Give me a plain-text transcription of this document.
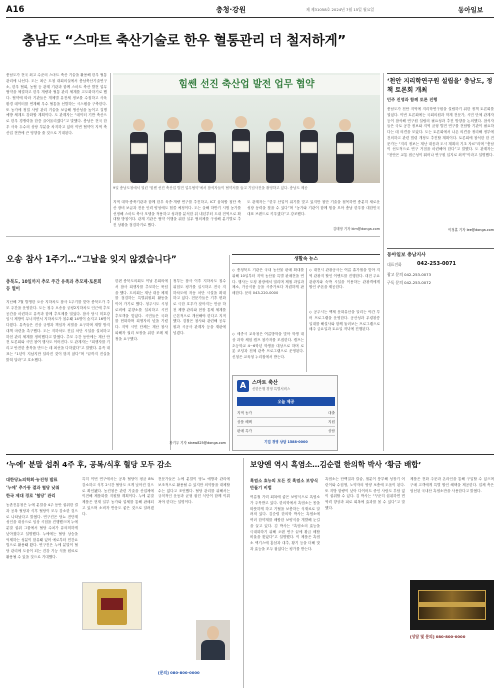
A16	충청·강원	제 제31058호 2024년 7월 15일 월요일	동아일보
충남도 “스마트 축산기술로 한우 혈통관리 더 철저하게”
충남도가 전국 최고 수준의 스마트 축산 기술을 활용해 한우 혈통 관리에 나선다. 도는 최근 도청 대회의실에서 충남축산기술연구소, 한우 협회, 농협 등 관계 기관과 함께 스마트 축산 발전 업무협약을 체결하고 한우 개량과 혈통 관리 체계를 고도화하기로 했다. 협약에 따라 기관들은 개체별 유전체 정보를 수집하고 사육 환경 데이터를 연계해 우수 혈통을 선발하는 시스템을 구축한다. 또 농가에 정밀 사양 관리 기술을 보급해 생산성을 높이고 질병 예방 체계도 강화할 계획이다. 도 관계자는 “데이터 기반 축산으로 한우 경쟁력을 한층 끌어올리겠다”고 말했다. 충남은 전국 한우 사육 두수의 상당 부분을 차지하고 있어 이번 협약이 지역 축산업 전반에 큰 영향을 줄 것으로 기대된다.
힘쎈 선진 축산업 발전 업무 협약
9일 충남도청에서 열린 ‘힘쎈 선진 축산업 발전 업무협약’에서 참석자들이 협약서를 들고 기념사진을 촬영하고 있다. 충남도 제공
지역 대학·충축기관과 함께 한우 육종·개량 연구를 추진하고, ICT 융복합 첨단 축산 장비 보급과 전문 인력 양성에도 힘쓸 예정이다. 도는 올해 하반기 시범 농가를 선정해 스마트 축사 모델을 적용하고 성과를 분석한 뒤 내년부터 도내 전역으로 확대할 방침이다. 관계 기관은 협약 이행을 위한 실무 협의체를 구성해 분기별로 추진 상황을 점검하기로 했다.
도 관계자는 “한우 산업이 위기를 맞고 있지만 첨단 기술을 접목하면 충분히 새로운 성장 동력을 찾을 수 있다”며 “농가와 기관이 함께 힘을 모아 충남 한우를 대한민국 대표 브랜드로 키우겠다”고 강조했다.
김태영 기자 kim@donga.com
‘천안 지리학연구원 설립을’ 충남도, 정책 토론회 개최
민주 진영과 함께 토론 진행
충남도가 천안 지역에 지리학연구원을 설립하기 위한 정책 토론회를 열었다. 이번 토론회에는 국회의원과 학계 전문가, 시민 단체 관계자 등이 참석해 연구원 설립의 필요성과 추진 방향을 논의했다. 참석자들은 국토 공간 정보와 지역 균형 발전 연구를 전담할 기관이 필요하다는 데 의견을 모았다. 도는 토론회에서 나온 의견을 정리해 정부에 건의하고 관련 법령 개정도 추진할 계획이다. 토론회에 참석한 한 전문가는 “지리 정보는 재난 대응과 도시 계획의 기초 자료”라며 “충남이 선도적으로 연구 거점을 마련해야 한다”고 말했다. 도 관계자는 “천안은 교통 접근성이 뛰어나 연구원 입지로 최적”이라고 설명했다.
이정훈 기자 lee@donga.com
오송 참사 1주기…“그날을 잊지 않겠습니다”
충북도, 10일까지 추모 주간 유족과 추모제·토론회 등 열어
지난해 7월 발생한 오송 지하차도 참사 1주기를 맞아 충북도가 추모 주간을 운영한다. 도는 청주 오송읍 궁평2지하차도 인근에 추모 공간을 마련하고 유족과 함께 추모제를 열었다. 참사 당시 미호강 임시 제방이 무너지면서 지하차도가 침수돼 14명이 숨지고 16명이 다쳤다. 유족들은 진상 규명과 책임자 처벌을 요구하며 재발 방지 대책 마련을 촉구했다. 도는 지하차도 진입 차단 시설을 설치하고 하천 관리 체계를 정비했다고 밝혔다. 추모 주간 동안에는 재난 안전 토론회와 시민 참여 행사도 이어진다. 도 관계자는 “희생자를 기리고 안전한 충북을 만드는 데 최선을 다하겠다”고 말했다. 유족 대표는 “1년이 지났지만 달라진 것이 많지 않다”며 “끝까지 진실을 밝혀 달라”고 호소했다.
한편 충북도의회도 이날 본회의에서 참사 희생자를 추모하는 묵념을 했다. 도의회는 재난 대응 체계를 점검하는 특별위원회 활동을 이어 가기로 했다. 청주시도 시청 로비에 분향소를 설치하고 시민 추모객을 맞았다. 시민들은 국화를 헌화하며 희생자의 넋을 기렸다. 지역 시민 단체는 재난 참사 피해자 권리 보장을 위한 조례 제정을 요구했다.
정부는 참사 이후 지하차도 침수 위험도 평가를 실시하고 전국 지하차도에 자동 차단 시설을 확대하고 있다. 전문가들은 기후 변화로 극한 호우가 잦아지는 만큼 하천 제방 관리와 현장 통제 체계를 근본적으로 개선해야 한다고 지적했다. 검찰은 참사와 관련해 공무원과 시공사 관계자 등을 재판에 넘겼다.
장기우 기자 straw825@donga.com
생활속 뉴스
◇ 충청북도 기관은 국내 농산물 판매 확대를 위해 10일부터 지역 농산물 특별 판매전을 연다. 행사는 도청 광장에서 열리며 제철 과일과 채소, 가공식품 등을 시중가보다 저렴하게 판매한다. 문의 043-220-0000
◇ 세종시 교육청은 여름방학을 맞아 학생 대상 과학 체험 캠프 참가자를 모집한다. 캠프는 초등학교 4~6학년 학생을 대상으로 하며 로봇 코딩과 천체 관측 프로그램으로 운영된다. 신청은 교육청 누리집에서 받는다.
◇ 대전시 관광공사는 여름 휴가철을 맞아 지역 관광지 할인 이벤트를 진행한다. 대전 주요 관광지와 숙박 시설을 이용하는 관광객에게 할인 쿠폰을 제공한다.
◇ 공주시는 백제 문화유산을 알리는 야간 투어 프로그램을 운영한다. 공산성과 무령왕릉 일대를 해설사와 함께 둘러보는 프로그램으로 매주 금요일과 토요일 저녁에 진행된다.
A	스마트 축산
신한은행 경영 특별서비스
오늘 제공
지역 농가	대출
상품 혜택	지원
판매 특가	상담
기업 경영 상담 1588-0000
동아일보 충남지사
대표전화	042-253-0071
광고 문의 042-253-0073
구독 문의 042-253-0072
‘누에’ 분말 섭취 4주 후, 공복/식후 혈당 모두 감소
대한당뇨의학회·농진청 발표
‘누에’ 추가동 결과 혈당 낮춰
한국 제대 경로 ‘혈당’ 관리
농촌진흥청은 누에 분말을 4주 동안 섭취한 결과 공복 혈당과 식후 혈당이 모두 감소한 것으로 나타났다고 밝혔다. 연구진은 당뇨 전단계 성인을 대상으로 임상 시험을 진행했으며 누에 분말 섭취 그룹에서 혈당 수치가 유의미하게 낮아졌다고 설명했다. 누에에는 혈당 상승을 억제하는 성분이 함유돼 있어 예로부터 민간요법으로 활용돼 왔다. 연구진은 누에 분말이 혈당 관리에 도움이 되는 건강 기능 식품 원료로 활용될 수 있을 것으로 기대했다.
특히 이번 연구에서는 공복 혈당이 평균 8% 감소하고 식후 2시간 혈당도 크게 낮아진 것으로 확인됐다. 농진청은 관련 기술을 산업체에 이전해 제품화를 지원할 계획이다. 누에 분말 제품은 현재 일부 농가와 업체를 통해 판매되고 있으며 소비자 반응도 좋은 것으로 알려졌다.
전문가들은 누에 분말이 당뇨 예방과 관리에 보조적으로 활용될 수 있지만 의약품을 대체할 수는 없다고 조언했다. 혈당 관리를 위해서는 규칙적인 운동과 균형 잡힌 식단이 함께 이뤄져야 한다는 설명이다.
[문의] 080-800-0000
보양엔 역시 흑염소…김순렬 한의학 박사 ‘황금 배합’
흑염소 효능의 모든 것 흑염소 보양식 만들기 비법
여름철 기력 회복에 좋은 보양식으로 흑염소가 주목받고 있다. 한의학에서 흑염소는 몸을 따뜻하게 하고 기혈을 보충하는 식재료로 알려져 있다. 김순렬 한의학 박사는 흑염소에 여러 한약재를 배합한 보양식을 개발해 눈길을 끌고 있다. 김 박사는 “흑염소의 효능을 극대화하기 위해 오랜 연구 끝에 황금 배합 비율을 찾았다”고 설명했다. 이 제품은 흑염소 엑기스에 홍삼과 대추, 황기 등을 더해 맛과 효능을 모두 잡았다는 평가를 받는다.
흑염소는 단백질과 칼슘, 철분이 풍부해 성장기 어린이와 수험생, 노약자의 영양 보충에 도움이 된다. 또 지방 함량이 낮아 다이어트 중인 사람도 부담 없이 섭취할 수 있다. 김 박사는 “꾸준히 섭취하면 면역력 향상과 피로 회복에 효과를 볼 수 있다”고 말했다.
제품은 전화 주문과 온라인을 통해 구입할 수 있으며 구매 고객에게 특별 할인 혜택을 제공한다. 업체 측은 엄선된 국내산 흑염소만을 사용한다고 밝혔다.
[상담 및 문의] 080-800-0000
